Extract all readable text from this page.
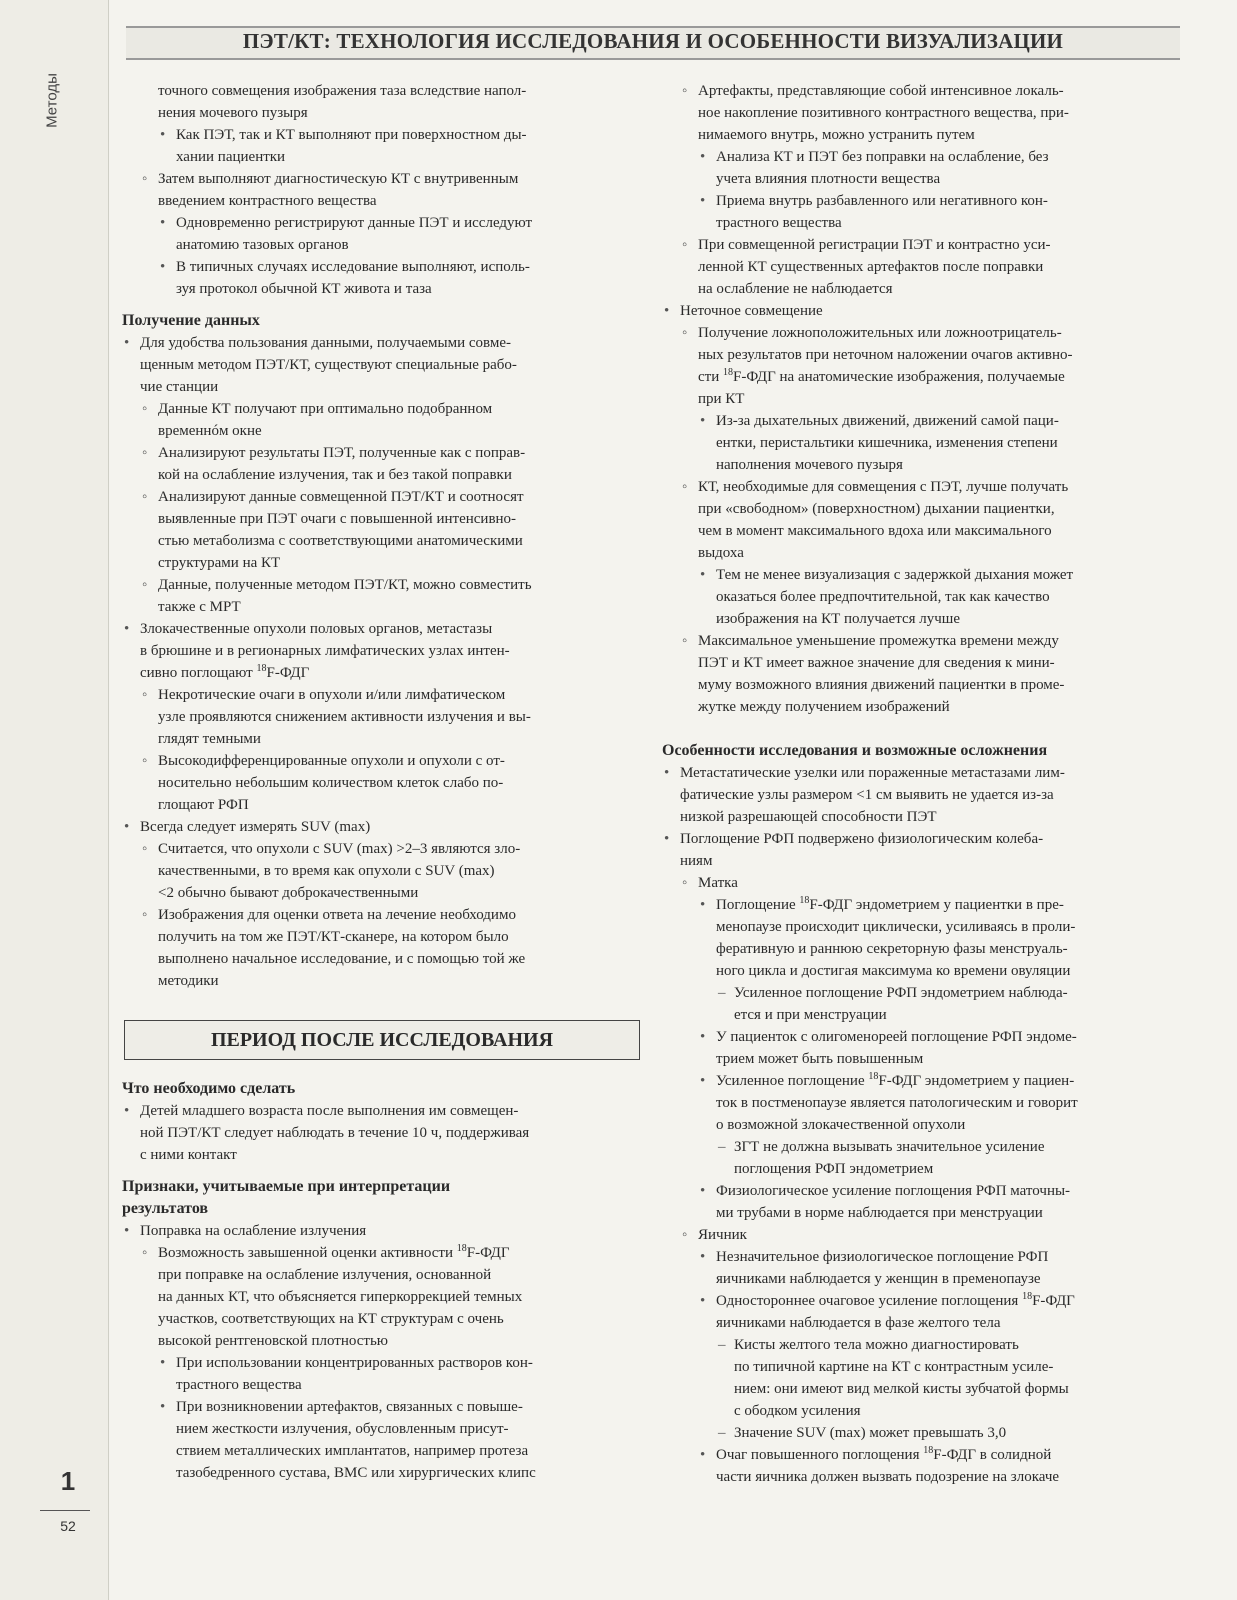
Методы
1
52
ПЭТ/КТ: ТЕХНОЛОГИЯ ИССЛЕДОВАНИЯ И ОСОБЕННОСТИ ВИЗУАЛИЗАЦИИ
точного совмещения изображения таза вследствие напол-
нения мочевого пузыря
• Как ПЭТ, так и КТ выполняют при поверхностном ды-
хании пациентки
◦ Затем выполняют диагностическую КТ с внутривенным
введением контрастного вещества
• Одновременно регистрируют данные ПЭТ и исследуют
анатомию тазовых органов
• В типичных случаях исследование выполняют, исполь-
зуя протокол обычной КТ живота и таза
Получение данных
• Для удобства пользования данными, получаемыми совме-
щенным методом ПЭТ/КТ, существуют специальные рабо-
чие станции
◦ Данные КТ получают при оптимально подобранном
временнóм окне
◦ Анализируют результаты ПЭТ, полученные как с поправ-
кой на ослабление излучения, так и без такой поправки
◦ Анализируют данные совмещенной ПЭТ/КТ и соотносят
выявленные при ПЭТ очаги с повышенной интенсивно-
стью метаболизма с соответствующими анатомическими
структурами на КТ
◦ Данные, полученные методом ПЭТ/КТ, можно совместить
также с МРТ
• Злокачественные опухоли половых органов, метастазы
в брюшине и в регионарных лимфатических узлах интен-
сивно поглощают $^{18}$F-ФДГ
◦ Некротические очаги в опухоли и/или лимфатическом
узле проявляются снижением активности излучения и вы-
глядят темными
◦ Высокодифференцированные опухоли и опухоли с от-
носительно небольшим количеством клеток слабо по-
глощают РФП
• Всегда следует измерять SUV (max)
◦ Считается, что опухоли с SUV (max) >2–3 являются зло-
качественными, в то время как опухоли с SUV (max)
<2 обычно бывают доброкачественными
◦ Изображения для оценки ответа на лечение необходимо
получить на том же ПЭТ/КТ-сканере, на котором было
выполнено начальное исследование, и с помощью той же
методики
ПЕРИОД ПОСЛЕ ИССЛЕДОВАНИЯ
Что необходимо сделать
• Детей младшего возраста после выполнения им совмещен-
ной ПЭТ/КТ следует наблюдать в течение 10 ч, поддерживая
с ними контакт
Признаки, учитываемые при интерпретации
результатов
• Поправка на ослабление излучения
◦ Возможность завышенной оценки активности $^{18}$F-ФДГ
при поправке на ослабление излучения, основанной
на данных КТ, что объясняется гиперкоррекцией темных
участков, соответствующих на КТ структурам с очень
высокой рентгеновской плотностью
• При использовании концентрированных растворов кон-
трастного вещества
• При возникновении артефактов, связанных с повыше-
нием жесткости излучения, обусловленным присут-
ствием металлических имплантатов, например протеза
тазобедренного сустава, ВМС или хирургических клипс
◦ Артефакты, представляющие собой интенсивное локаль-
ное накопление позитивного контрастного вещества, при-
нимаемого внутрь, можно устранить путем
• Анализа КТ и ПЭТ без поправки на ослабление, без
учета влияния плотности вещества
• Приема внутрь разбавленного или негативного кон-
трастного вещества
◦ При совмещенной регистрации ПЭТ и контрастно уси-
ленной КТ существенных артефактов после поправки
на ослабление не наблюдается
• Неточное совмещение
◦ Получение ложноположительных или ложноотрицатель-
ных результатов при неточном наложении очагов активно-
сти $^{18}$F-ФДГ на анатомические изображения, получаемые
при КТ
• Из-за дыхательных движений, движений самой паци-
ентки, перистальтики кишечника, изменения степени
наполнения мочевого пузыря
◦ КТ, необходимые для совмещения с ПЭТ, лучше получать
при «свободном» (поверхностном) дыхании пациентки,
чем в момент максимального вдоха или максимального
выдоха
• Тем не менее визуализация с задержкой дыхания может
оказаться более предпочтительной, так как качество
изображения на КТ получается лучше
◦ Максимальное уменьшение промежутка времени между
ПЭТ и КТ имеет важное значение для сведения к мини-
муму возможного влияния движений пациентки в проме-
жутке между получением изображений
Особенности исследования и возможные осложнения
• Метастатические узелки или пораженные метастазами лим-
фатические узлы размером <1 см выявить не удается из-за
низкой разрешающей способности ПЭТ
• Поглощение РФП подвержено физиологическим колеба-
ниям
◦ Матка
• Поглощение $^{18}$F-ФДГ эндометрием у пациентки в пре-
менопаузе происходит циклически, усиливаясь в проли-
феративную и раннюю секреторную фазы менструаль-
ного цикла и достигая максимума ко времени овуляции
– Усиленное поглощение РФП эндометрием наблюда-
ется и при менструации
• У пациенток с олигоменореей поглощение РФП эндоме-
трием может быть повышенным
• Усиленное поглощение $^{18}$F-ФДГ эндометрием у пациен-
ток в постменопаузе является патологическим и говорит
о возможной злокачественной опухоли
– ЗГТ не должна вызывать значительное усиление
поглощения РФП эндометрием
• Физиологическое усиление поглощения РФП маточны-
ми трубами в норме наблюдается при менструации
◦ Яичник
• Незначительное физиологическое поглощение РФП
яичниками наблюдается у женщин в пременопаузе
• Одностороннее очаговое усиление поглощения $^{18}$F-ФДГ
яичниками наблюдается в фазе желтого тела
– Кисты желтого тела можно диагностировать
по типичной картине на КТ с контрастным усиле-
нием: они имеют вид мелкой кисты зубчатой формы
с ободком усиления
– Значение SUV (max) может превышать 3,0
• Очаг повышенного поглощения $^{18}$F-ФДГ в солидной
части яичника должен вызвать подозрение на злокаче
